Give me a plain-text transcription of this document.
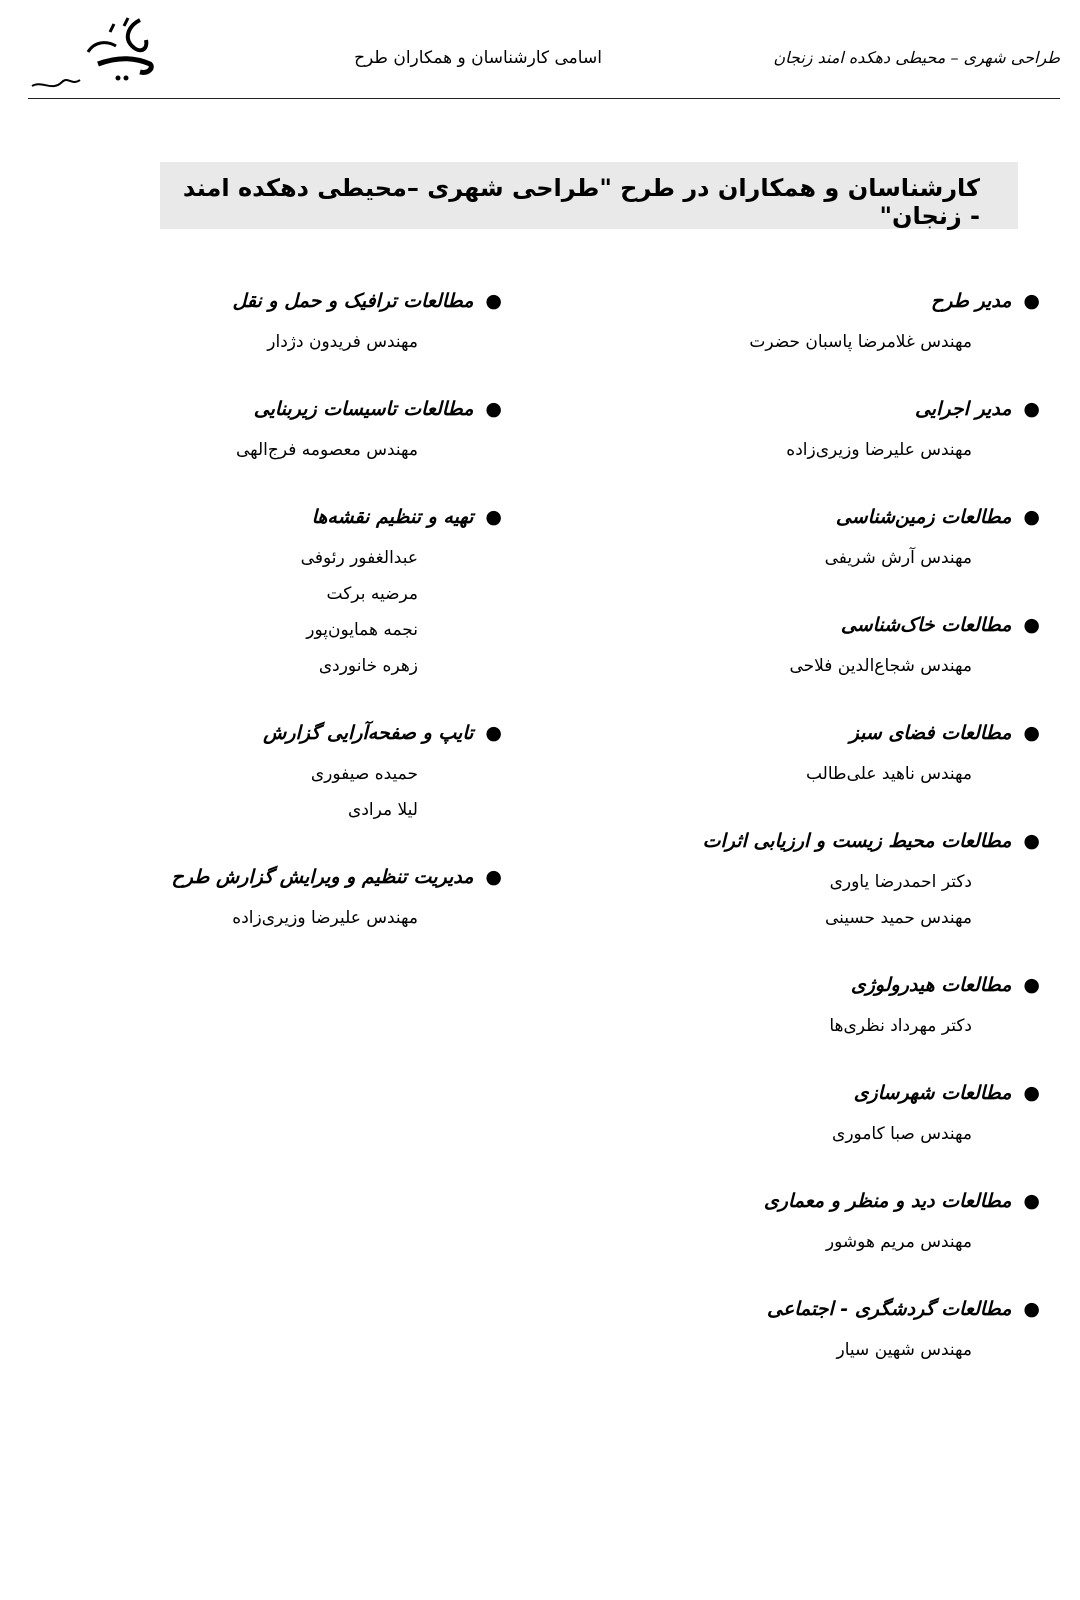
اسامی کارشناسان و همکاران طرح	طراحی شهری – محیطی دهکده امند زنجان
کارشناسان و همکاران در طرح "طراحی شهری –محیطی دهکده امند - زنجان"
●مدیر طرح
مهندس غلامرضا پاسبان حضرت
●مدیر اجرایی
مهندس علیرضا وزیری‌زاده
●مطالعات زمین‌شناسی
مهندس آرش شریفی
●مطالعات خاک‌شناسی
مهندس شجاع‌الدین فلاحی
●مطالعات فضای سبز
مهندس ناهید علی‌طالب
●مطالعات محیط زیست و ارزیابی اثرات
دکتر احمدرضا یاوری
مهندس حمید حسینی
●مطالعات هیدرولوژی
دکتر مهرداد نظری‌ها
●مطالعات شهرسازی
مهندس صبا کاموری
●مطالعات دید و منظر و معماری
مهندس مریم هوشور
●مطالعات گردشگری - اجتماعی
مهندس شهین سیار
●مطالعات ترافیک و حمل و نقل
مهندس فریدون دژدار
●مطالعات تاسیسات زیربنایی
مهندس معصومه فرج‌الهی
●تهیه و تنظیم نقشه‌ها
عبدالغفور رئوفی
مرضیه برکت
نجمه همایون‌پور
زهره خانوردی
●تایپ و صفحه‌آرایی گزارش
حمیده صیفوری
لیلا مرادی
●مدیریت تنظیم و ویرایش گزارش طرح
مهندس علیرضا وزیری‌زاده
